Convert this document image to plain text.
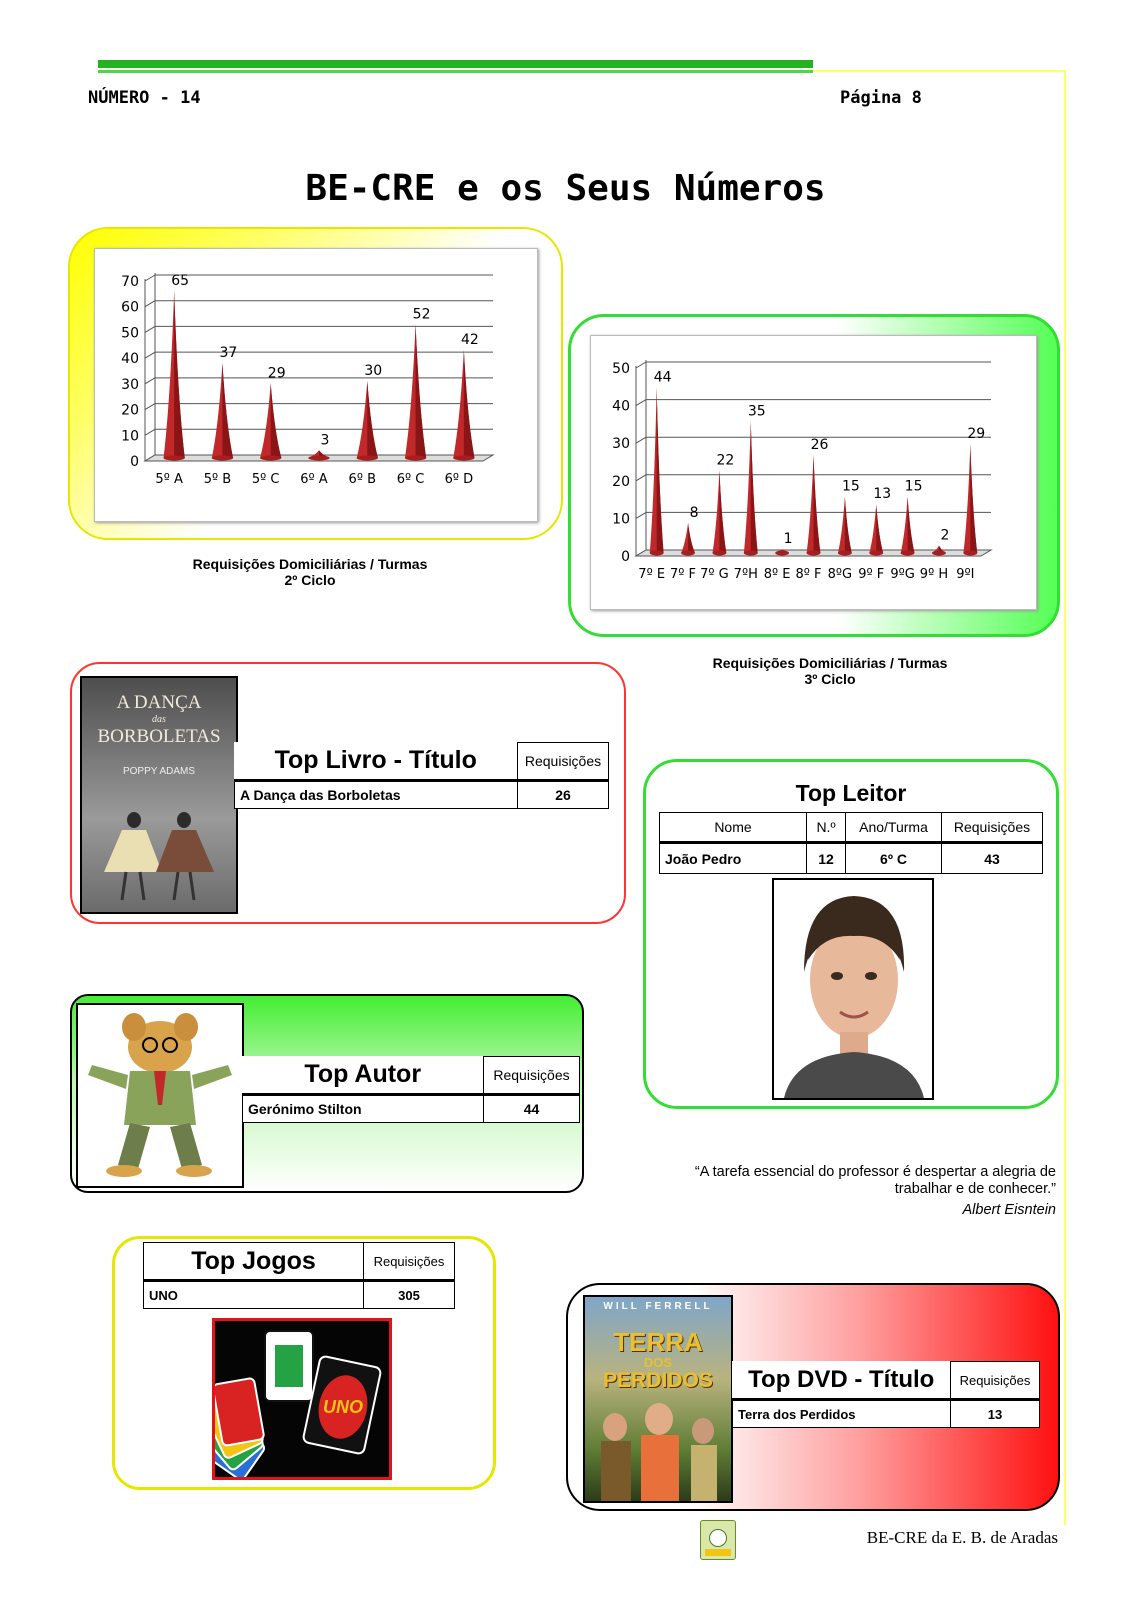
NÚMERO - 14	Página 8
BE-CRE e os Seus Números
0
10
20
30
40
50
60
70 65
5º A
37
5º B
29
5º C
3
6º A
30
6º B
52
6º C
42
6º D
Requisições Domiciliárias / Turmas
2º Ciclo
0
10
20
30
40
50
44
7º E
8
7º F
22
7º G
35
7ºH
1
8º E
26
8º F
15
8ºG
13
9º F
15
9ºG
2
9º H
29
9ºI
Requisições Domiciliárias / Turmas
3º Ciclo
A DANÇA
das
BORBOLETAS
POPPY ADAMS	Top Livro - Título	Requisições
A Dança das Borboletas	26	Top Leitor
Nome	N.º	Ano/Turma	Requisições
João Pedro	12	6º C	43
Top Autor	Requisições
Gerónimo Stilton	44
“A tarefa essencial do professor é despertar a alegria de
trabalhar e de conhecer.”
Albert Eisntein
Top Jogos	Requisições
UNO	305
UNO
WILL FERRELL
TERRA
DOS
PERDIDOS	Top DVD - Título	Requisições
Terra dos Perdidos	13
BE-CRE da E. B. de Aradas
